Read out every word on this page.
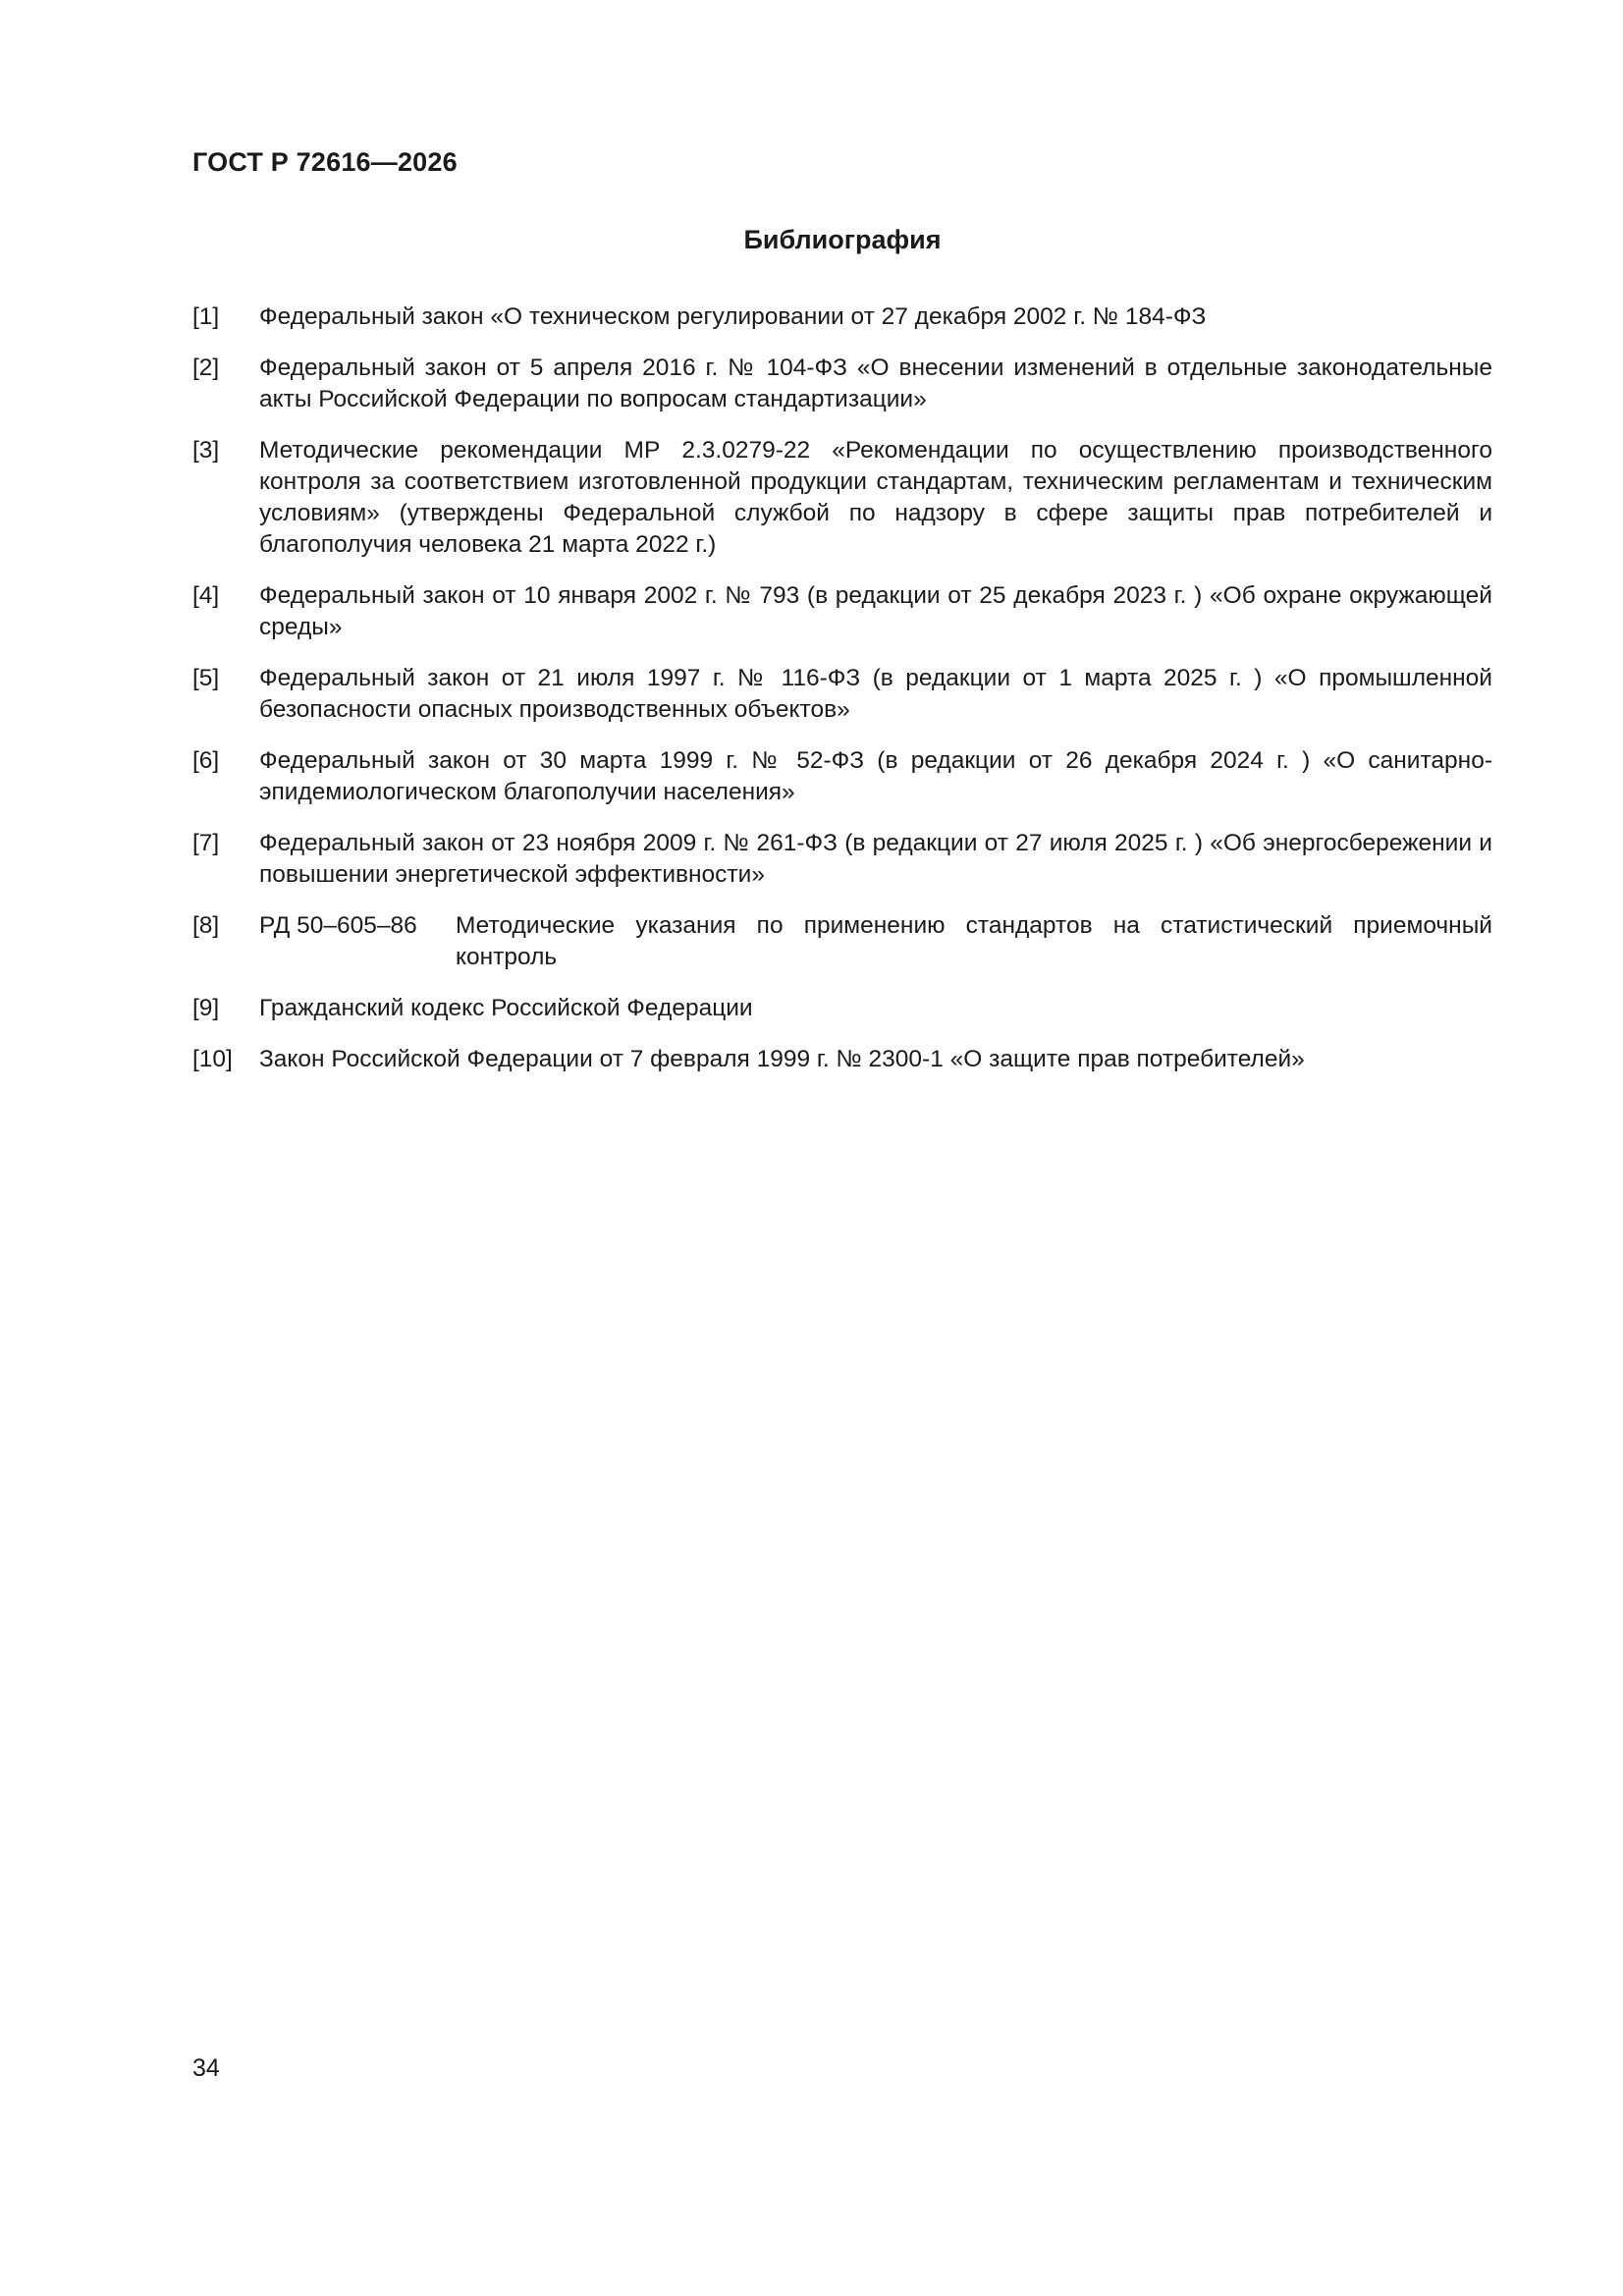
ГОСТ Р 72616—2026
Библиография
[1]	Федеральный закон «О техническом регулировании от 27 декабря 2002 г. № 184-ФЗ
[2]	Федеральный закон от 5 апреля 2016 г. № 104-ФЗ «О внесении изменений в отдельные законодательные акты Российской Федерации по вопросам стандартизации»
[3]	Методические рекомендации МР 2.3.0279-22 «Рекомендации по осуществлению производственного контроля за соответствием изготовленной продукции стандартам, техническим регламентам и техническим условиям» (утверждены Федеральной службой по надзору в сфере защиты прав потребителей и благополучия человека 21 марта 2022 г.)
[4]	Федеральный закон от 10 января 2002 г. № 793 (в редакции от 25 декабря 2023 г. ) «Об охране окружающей среды»
[5]	Федеральный закон от 21 июля 1997 г. № 116-ФЗ (в редакции от 1 марта 2025 г. ) «О промышленной безопасности опасных производственных объектов»
[6]	Федеральный закон от 30 марта 1999 г. № 52-ФЗ (в редакции от 26 декабря 2024 г. ) «О санитарно-эпидемиологическом благополучии населения»
[7]	Федеральный закон от 23 ноября 2009 г. № 261-ФЗ (в редакции от 27 июля 2025 г. ) «Об энергосбережении и повышении энергетической эффективности»
[8]	РД 50–605–86	Методические указания по применению стандартов на статистический приемочный контроль
[9]	Гражданский кодекс Российской Федерации
[10]	Закон Российской Федерации от 7 февраля 1999 г. № 2300-1 «О защите прав потребителей»
34
